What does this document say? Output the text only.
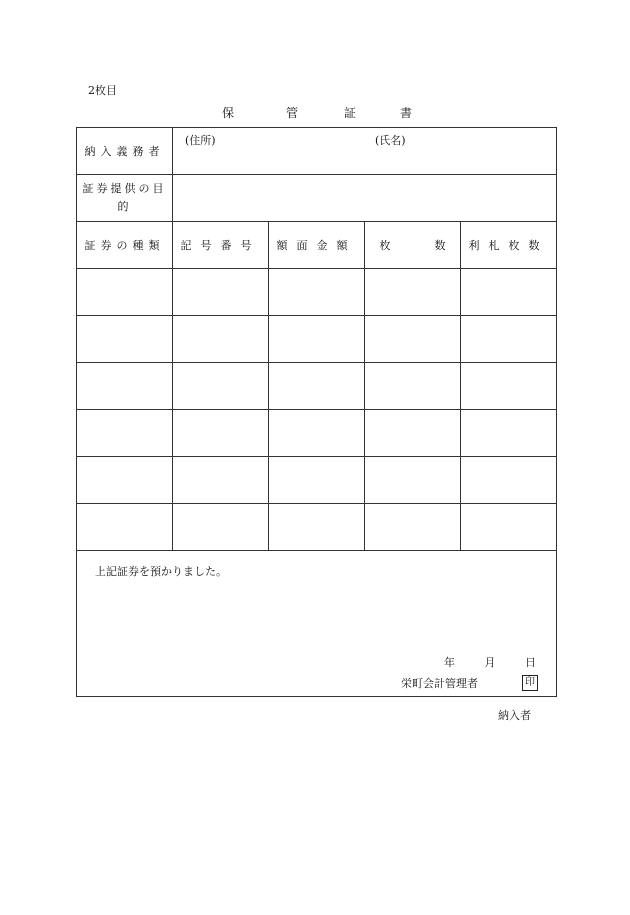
2枚目
保	管	証	書
納入義務者	(住所) (氏名)			

証券提供の目的				
証券の種類	記号番号	額面金額	枚　　　　数	利札枚数

上記証券を預かりました。
年 月 日
栄町会計管理者 印				
納入者
